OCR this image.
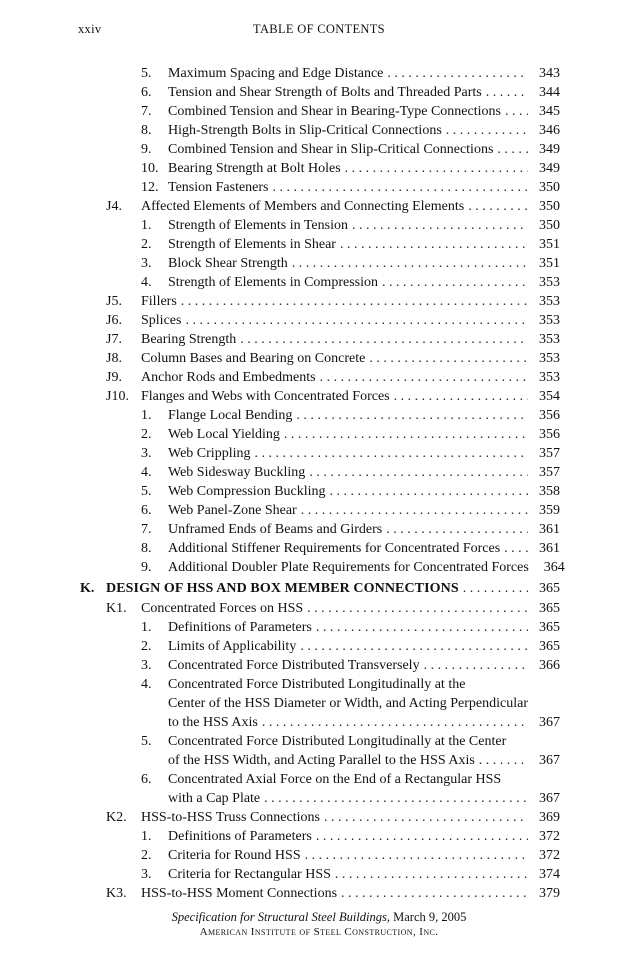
xxiv	TABLE OF CONTENTS
5. Maximum Spacing and Edge Distance . . .	343
6. Tension and Shear Strength of Bolts and Threaded Parts . . .	344
7. Combined Tension and Shear in Bearing-Type Connections . . .	345
8. High-Strength Bolts in Slip-Critical Connections . . .	346
9. Combined Tension and Shear in Slip-Critical Connections . . .	349
10. Bearing Strength at Bolt Holes . . .	349
12. Tension Fasteners . . .	350
J4. Affected Elements of Members and Connecting Elements . . .	350
1. Strength of Elements in Tension . . .	350
2. Strength of Elements in Shear . . .	351
3. Block Shear Strength . . .	351
4. Strength of Elements in Compression . . .	353
J5. Fillers . . .	353
J6. Splices . . .	353
J7. Bearing Strength . . .	353
J8. Column Bases and Bearing on Concrete . . .	353
J9. Anchor Rods and Embedments . . .	353
J10. Flanges and Webs with Concentrated Forces . . .	354
1. Flange Local Bending . . .	356
2. Web Local Yielding . . .	356
3. Web Crippling . . .	357
4. Web Sidesway Buckling . . .	357
5. Web Compression Buckling . . .	358
6. Web Panel-Zone Shear . . .	359
7. Unframed Ends of Beams and Girders . . .	361
8. Additional Stiffener Requirements for Concentrated Forces . . .	361
9. Additional Doubler Plate Requirements for Concentrated Forces . . .	364
K. DESIGN OF HSS AND BOX MEMBER CONNECTIONS . . .	365
K1. Concentrated Forces on HSS . . .	365
1. Definitions of Parameters . . .	365
2. Limits of Applicability . . .	365
3. Concentrated Force Distributed Transversely . . .	366
4. Concentrated Force Distributed Longitudinally at the
Center of the HSS Diameter or Width, and Acting Perpendicular
to the HSS Axis . . .	367
5. Concentrated Force Distributed Longitudinally at the Center
of the HSS Width, and Acting Parallel to the HSS Axis . . .	367
6. Concentrated Axial Force on the End of a Rectangular HSS
with a Cap Plate . . .	367
K2. HSS-to-HSS Truss Connections . . .	369
1. Definitions of Parameters . . .	372
2. Criteria for Round HSS . . .	372
3. Criteria for Rectangular HSS . . .	374
K3. HSS-to-HSS Moment Connections . . .	379
Specification for Structural Steel Buildings, March 9, 2005
American Institute of Steel Construction, Inc.
